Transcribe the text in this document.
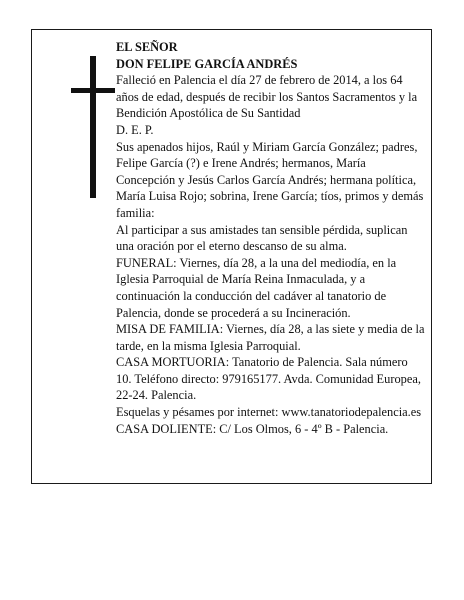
EL SEÑOR

DON FELIPE GARCÍA ANDRÉS

Falleció en Palencia el día 27 de febrero de 2014, a los 64 años de edad, después de recibir los Santos Sacramentos y la Bendición Apostólica de Su Santidad

D. E. P.

Sus apenados hijos, Raúl y Miriam García González; padres, Felipe García (?) e Irene Andrés; hermanos, María Concepción y Jesús Carlos García Andrés; hermana política, María Luisa Rojo; sobrina, Irene García; tíos, primos y demás familia:

Al participar a sus amistades tan sensible pérdida, suplican una oración por el eterno descanso de su alma.

FUNERAL: Viernes, día 28, a la una del mediodía, en la Iglesia Parroquial de María Reina Inmaculada, y a continuación la conducción del cadáver al tanatorio de Palencia, donde se procederá a su Incineración.

MISA DE FAMILIA: Viernes, día 28, a las siete y media de la tarde, en la misma Iglesia Parroquial.

CASA MORTUORIA: Tanatorio de Palencia. Sala número 10. Teléfono directo: 979165177. Avda. Comunidad Europea, 22-24. Palencia.

Esquelas y pésames por internet: www.tanatoriodepalencia.es

CASA DOLIENTE: C/ Los Olmos, 6 - 4º B - Palencia.
